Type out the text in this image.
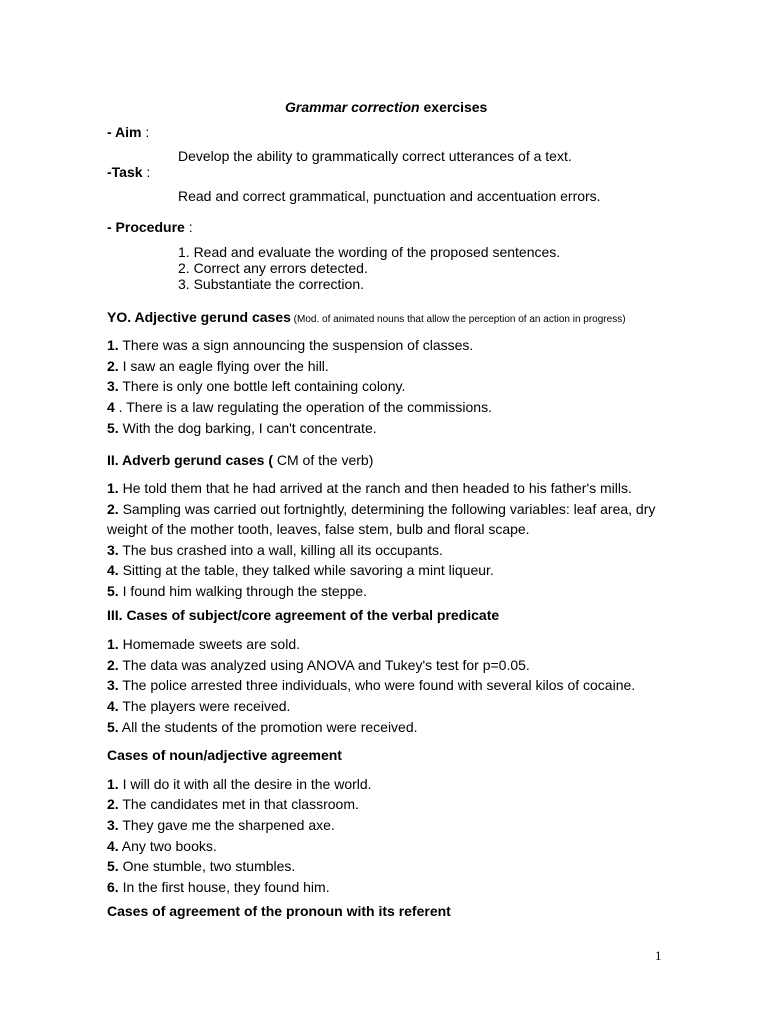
Grammar correction exercises
- Aim :
Develop the ability to grammatically correct utterances of a text.
-Task :
Read and correct grammatical, punctuation and accentuation errors.
- Procedure :
1. Read and evaluate the wording of the proposed sentences.
2. Correct any errors detected.
3. Substantiate the correction.
YO. Adjective gerund cases (Mod. of animated nouns that allow the perception of an action in progress)
1. There was a sign announcing the suspension of classes.
2. I saw an eagle flying over the hill.
3. There is only one bottle left containing colony.
4 . There is a law regulating the operation of the commissions.
5. With the dog barking, I can't concentrate.
II. Adverb gerund cases ( CM of the verb)
1. He told them that he had arrived at the ranch and then headed to his father's mills.
2. Sampling was carried out fortnightly, determining the following variables: leaf area, dry
weight of the mother tooth, leaves, false stem, bulb and floral scape.
3. The bus crashed into a wall, killing all its occupants.
4. Sitting at the table, they talked while savoring a mint liqueur.
5. I found him walking through the steppe.
III. Cases of subject/core agreement of the verbal predicate
1. Homemade sweets are sold.
2. The data was analyzed using ANOVA and Tukey's test for p=0.05.
3. The police arrested three individuals, who were found with several kilos of cocaine.
4. The players were received.
5. All the students of the promotion were received.
Cases of noun/adjective agreement
1. I will do it with all the desire in the world.
2. The candidates met in that classroom.
3. They gave me the sharpened axe.
4. Any two books.
5. One stumble, two stumbles.
6. In the first house, they found him.
Cases of agreement of the pronoun with its referent
1
